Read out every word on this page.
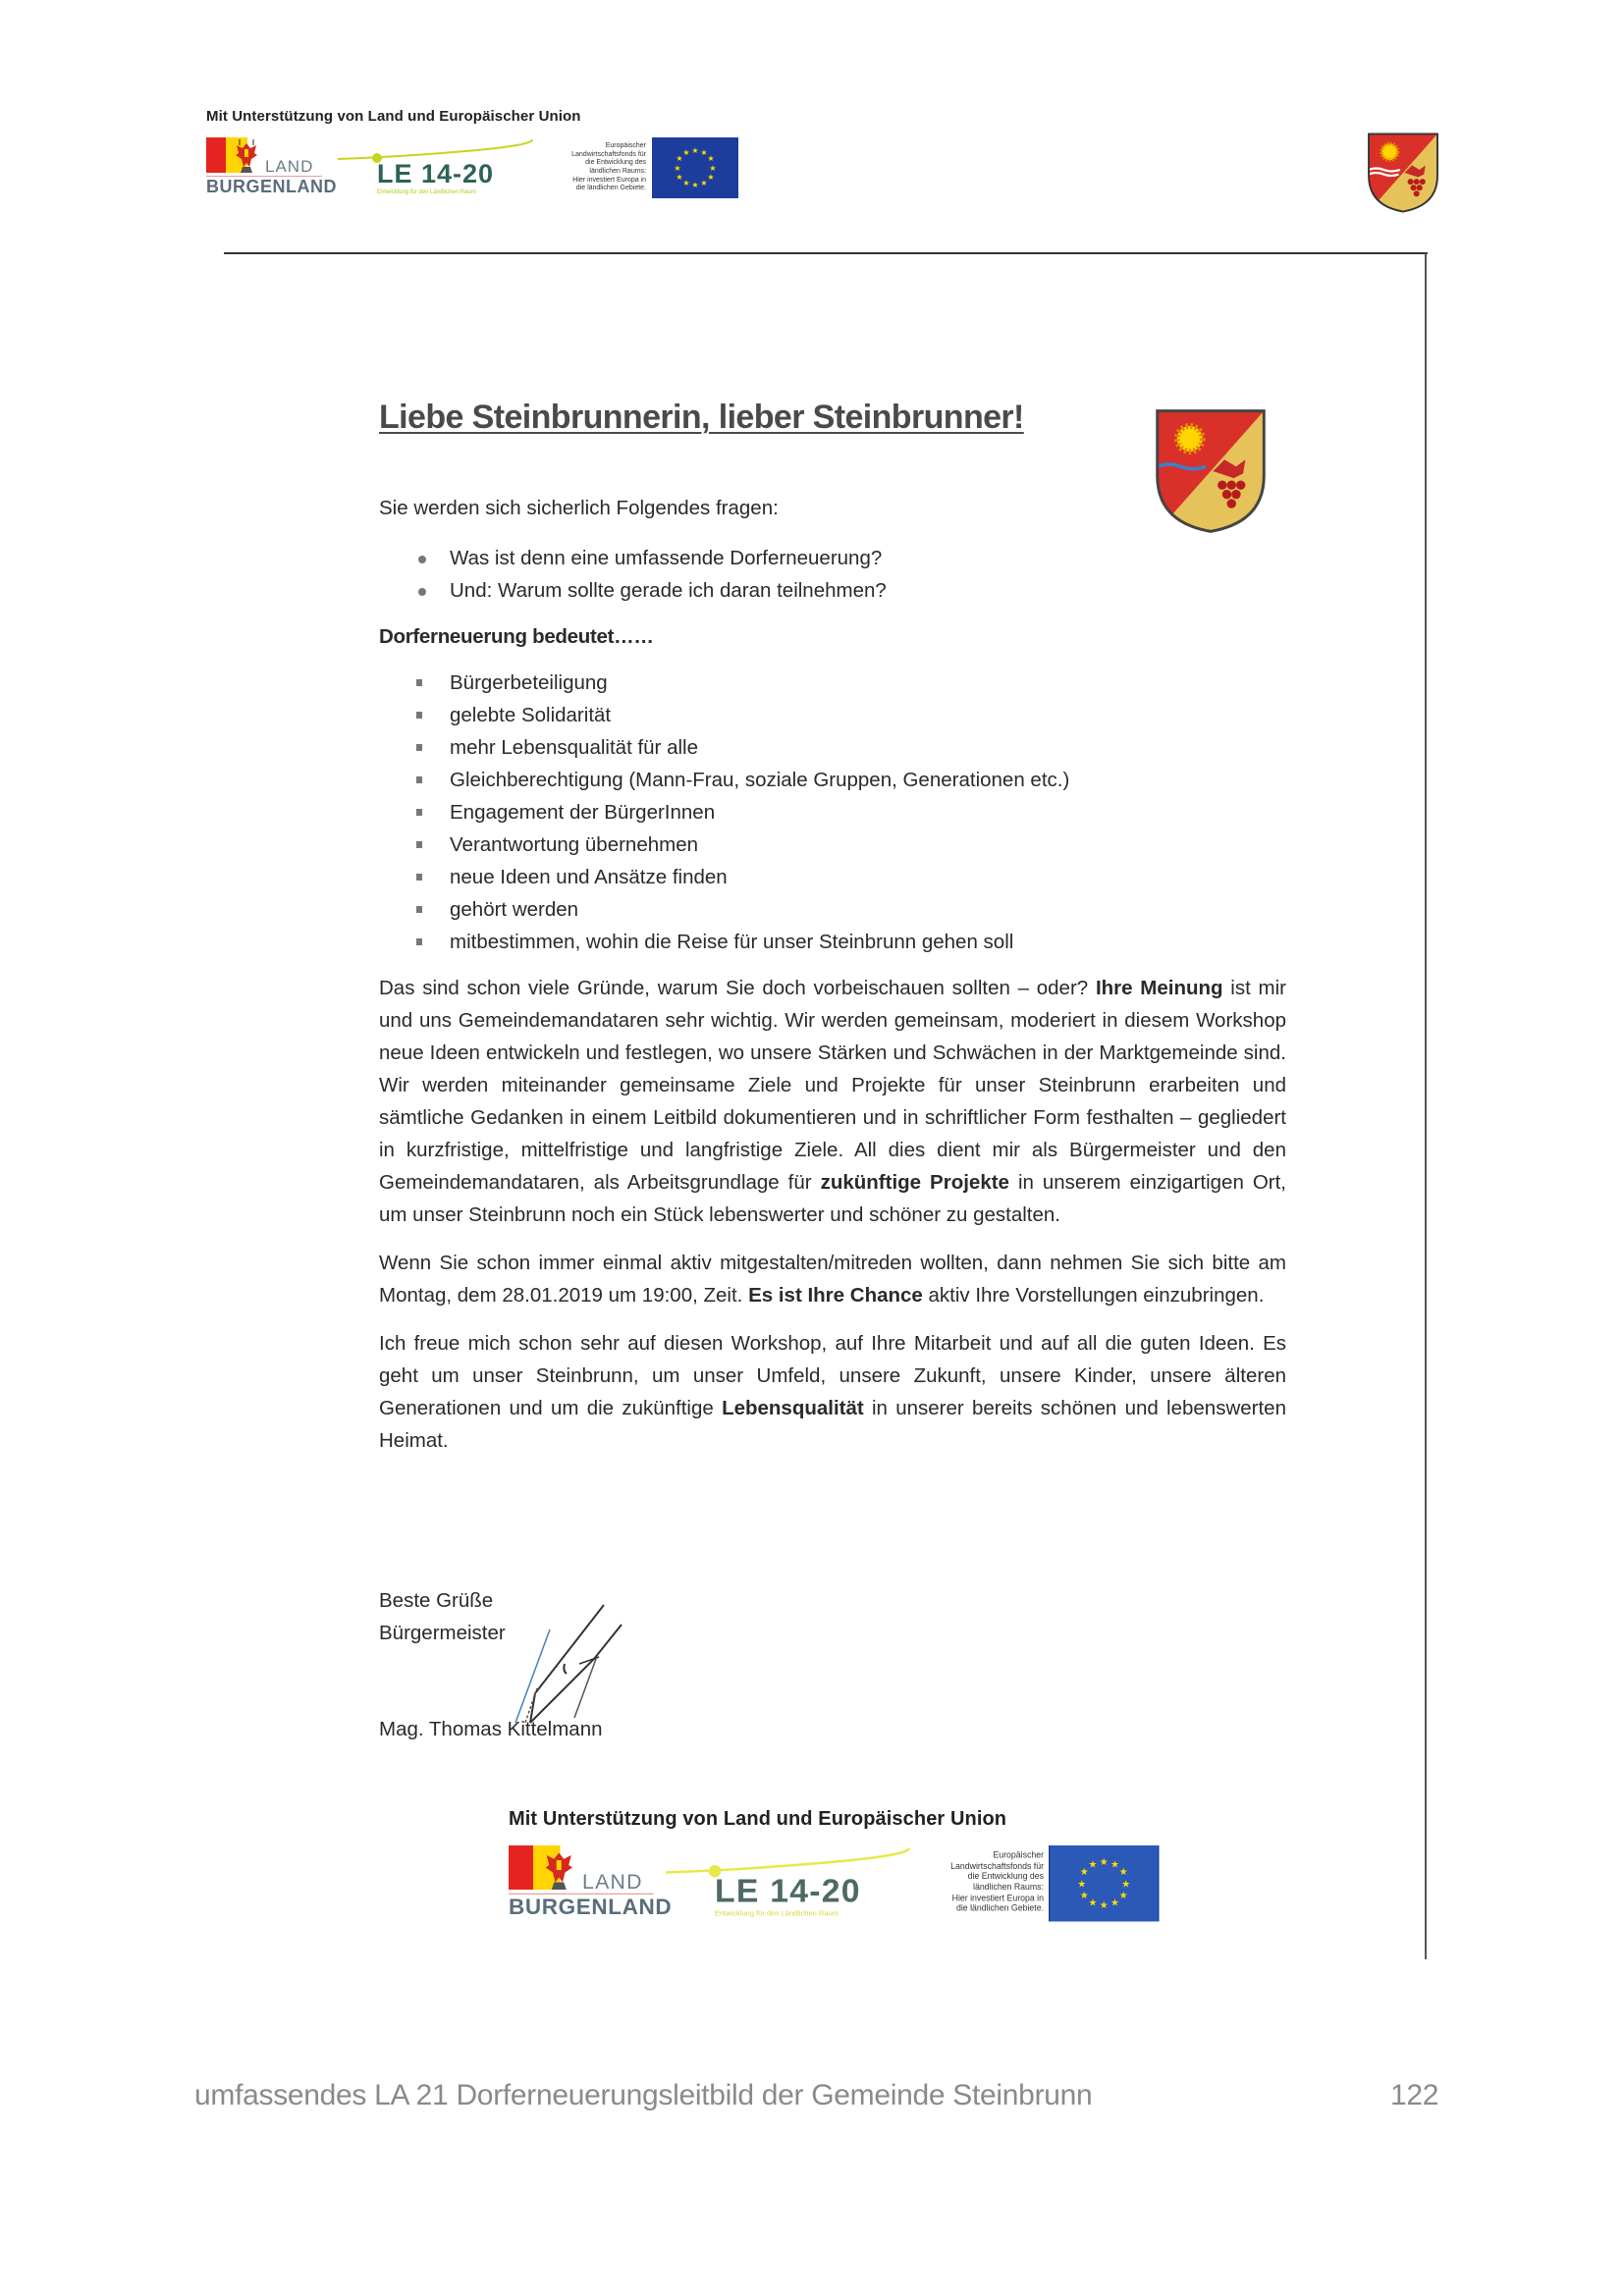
Mit Unterstützung von Land und Europäischer Union
LAND
BURGENLAND LE 14-20
Entwicklung für den Ländlichen Raum
Europäischer
Landwirtschaftsfonds für
die Entwicklung des
ländlichen Raums:
Hier investiert Europa in
die ländlichen Gebiete.
★ ★
★
★
★
★
★
★
★
★
★
★
Liebe Steinbrunnerin, lieber Steinbrunner!
Sie werden sich sicherlich Folgendes fragen:
Was ist denn eine umfassende Dorferneuerung?
Und: Warum sollte gerade ich daran teilnehmen?
Dorferneuerung bedeutet……
Bürgerbeteiligung
gelebte Solidarität
mehr Lebensqualität für alle
Gleichberechtigung (Mann-Frau, soziale Gruppen, Generationen etc.)
Engagement der BürgerInnen
Verantwortung übernehmen
neue Ideen und Ansätze finden
gehört werden
mitbestimmen, wohin die Reise für unser Steinbrunn gehen soll

Das sind schon viele Gründe, warum Sie doch vorbeischauen sollten – oder? Ihre Meinung ist mir und uns Gemeindemandataren sehr wichtig. Wir werden gemeinsam, moderiert in diesem Workshop neue Ideen entwickeln und festlegen, wo unsere Stärken und Schwächen in der Marktgemeinde sind. Wir werden miteinander gemeinsame Ziele und Projekte für unser Steinbrunn erarbeiten und sämtliche Gedanken in einem Leitbild dokumentieren und in schriftlicher Form festhalten – gegliedert in kurzfristige, mittelfristige und langfristige Ziele. All dies dient mir als Bürgermeister und den Gemeindemandataren, als Arbeitsgrundlage für zukünftige Projekte in unserem einzigartigen Ort, um unser Steinbrunn noch ein Stück lebenswerter und schöner zu gestalten.

Wenn Sie schon immer einmal aktiv mitgestalten/mitreden wollten, dann nehmen Sie sich bitte am Montag, dem 28.01.2019 um 19:00, Zeit. Es ist Ihre Chance aktiv Ihre Vorstellungen einzubringen.

Ich freue mich schon sehr auf diesen Workshop, auf Ihre Mitarbeit und auf all die guten Ideen. Es geht um unser Steinbrunn, um unser Umfeld, unsere Zukunft, unsere Kinder, unsere älteren Generationen und um die zukünftige Lebensqualität in unserer bereits schönen und lebenswerten Heimat.

Beste Grüße
Bürgermeister
Mag. Thomas Kittelmann
Mit Unterstützung von Land und Europäischer Union
LAND
BURGENLAND LE 14-20
Entwicklung für den Ländlichen Raum
Europäischer
Landwirtschaftsfonds für
die Entwicklung des
ländlichen Raums:
Hier investiert Europa in
die ländlichen Gebiete.
★ ★
★
★
★
★
★
★
★
★
★
★
umfassendes LA 21 Dorferneuerungsleitbild der Gemeinde Steinbrunn	122
